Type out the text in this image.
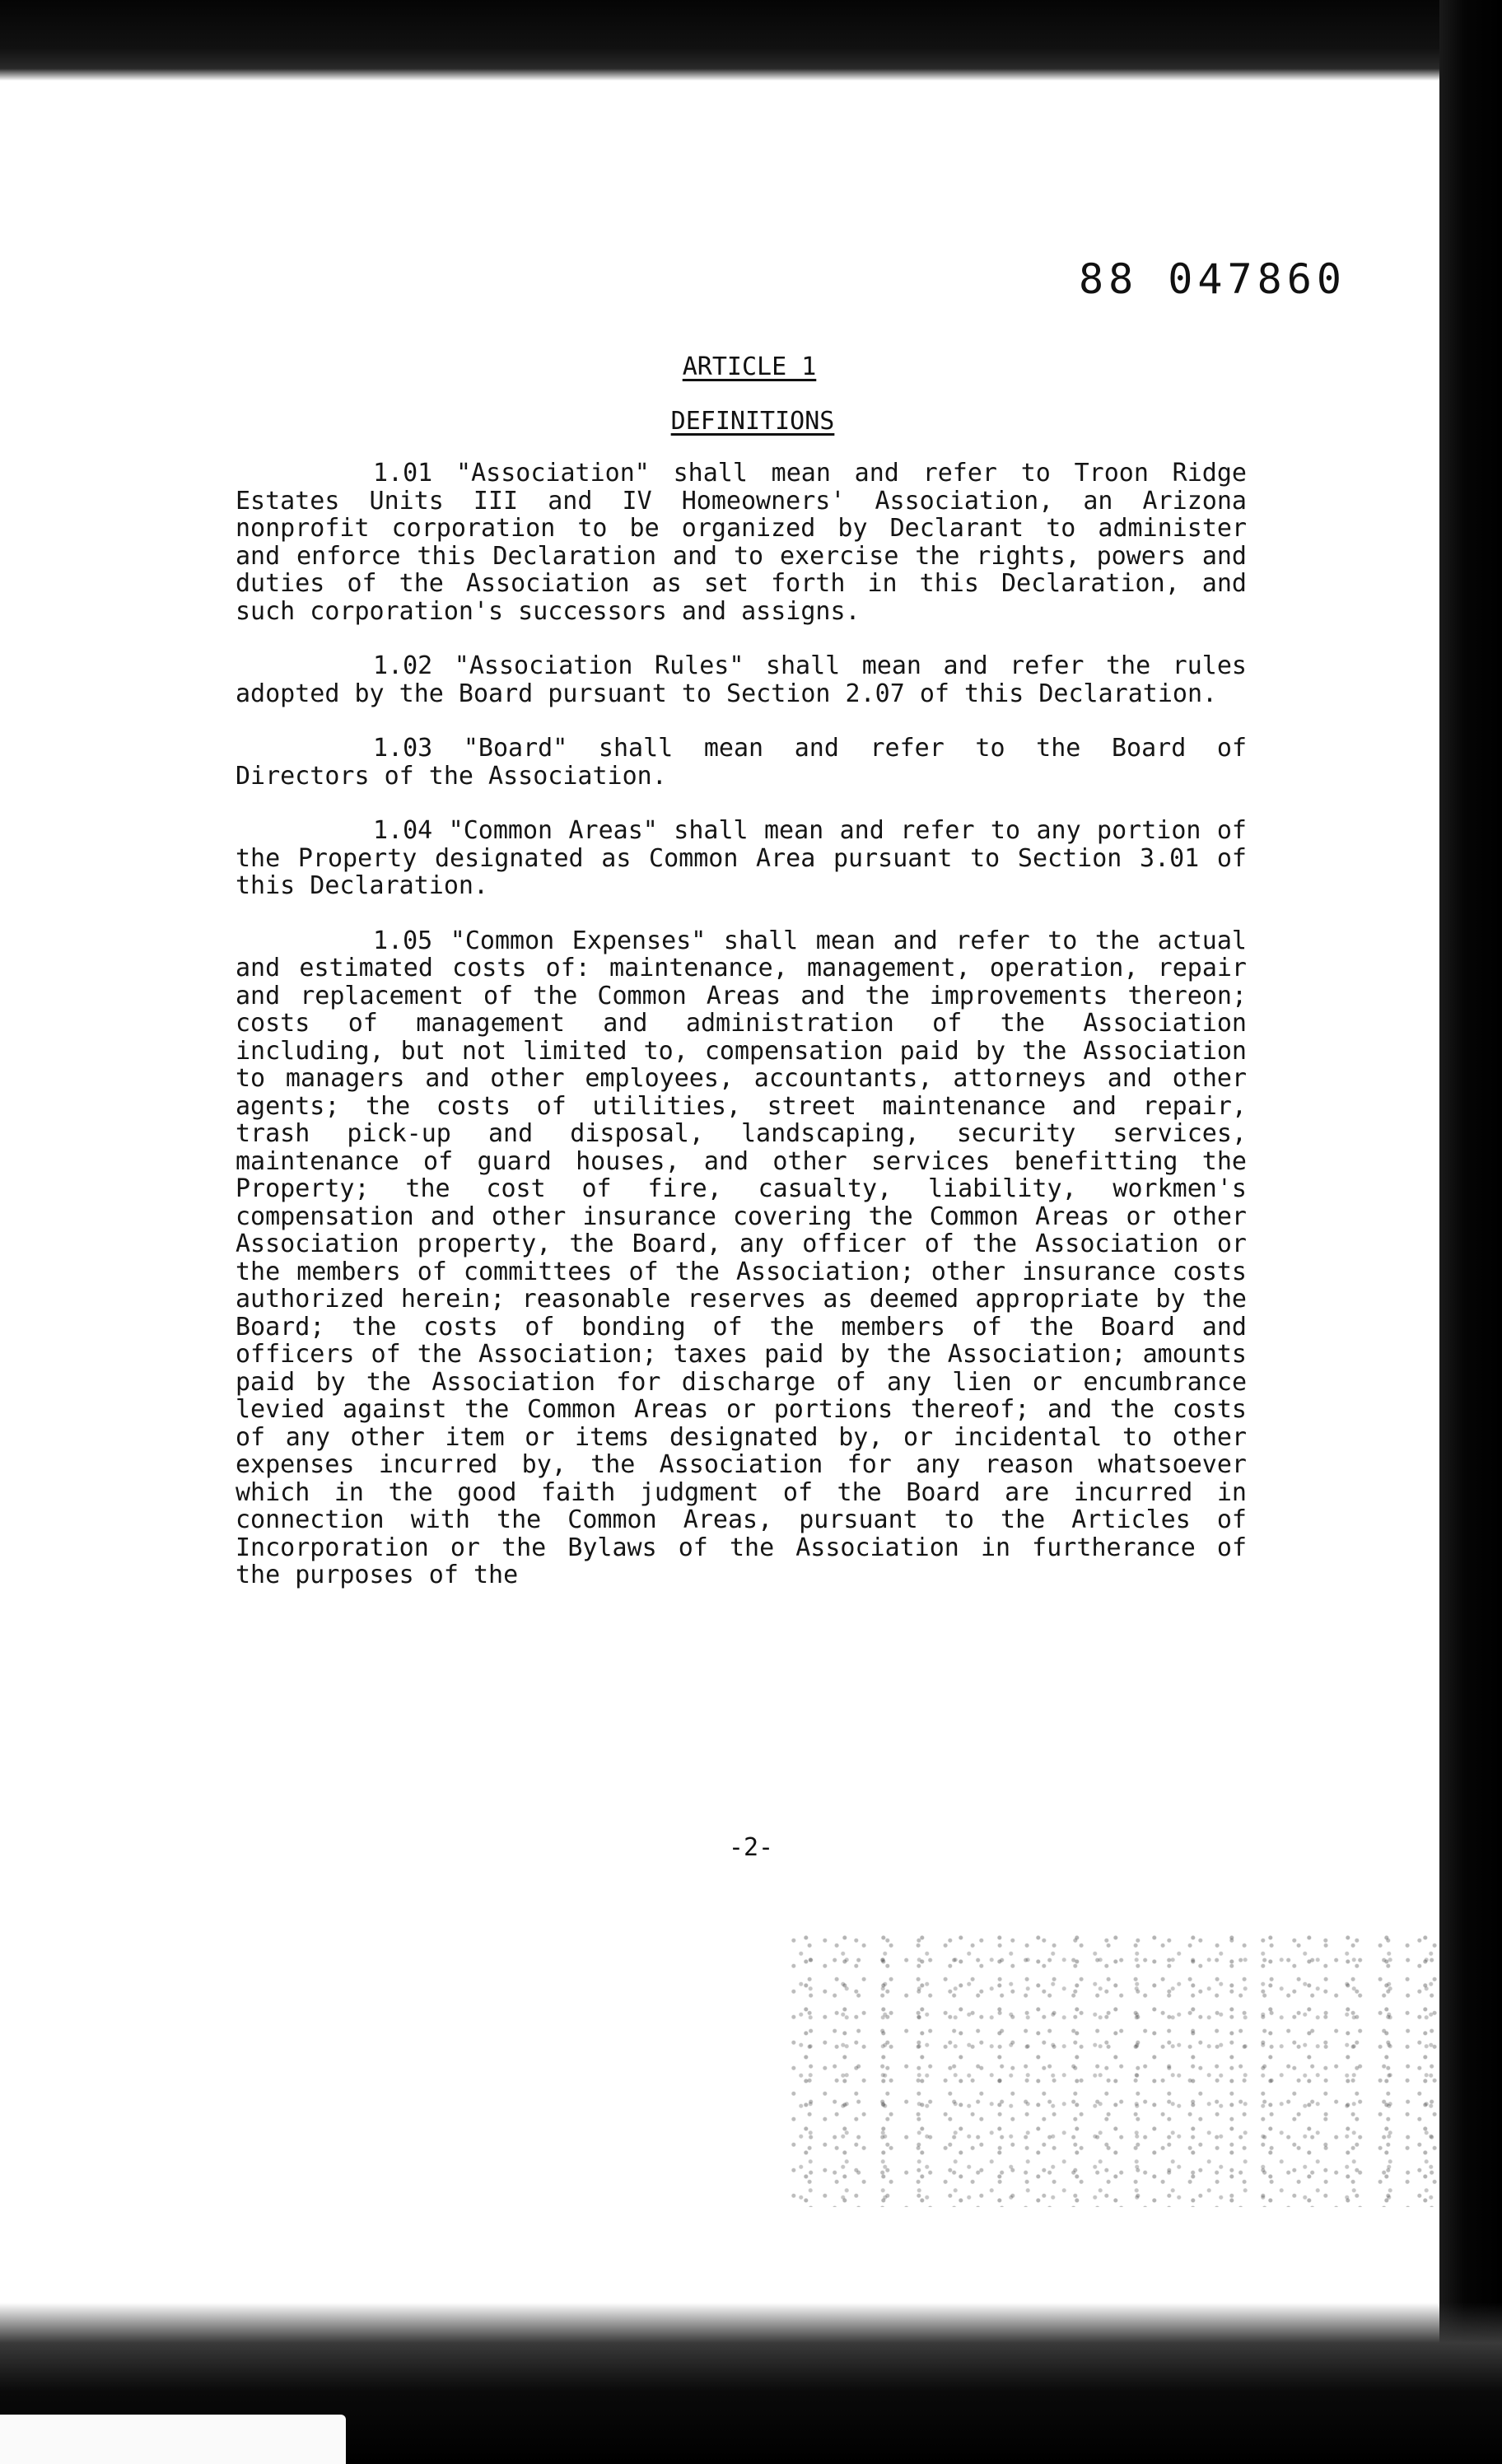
88 047860
ARTICLE 1
DEFINITIONS

1.01 "Association" shall mean and refer to Troon Ridge Estates Units III and IV Homeowners' Association, an Arizona nonprofit corporation to be organized by Declarant to administer and enforce this Declaration and to exercise the rights, powers and duties of the Association as set forth in this Declaration, and such corporation's successors and assigns.

1.02 "Association Rules" shall mean and refer the rules adopted by the Board pursuant to Section 2.07 of this Declaration.

1.03 "Board" shall mean and refer to the Board of Directors of the Association.

1.04 "Common Areas" shall mean and refer to any portion of the Property designated as Common Area pursuant to Section 3.01 of this Declaration.

1.05 "Common Expenses" shall mean and refer to the actual and estimated costs of: maintenance, management, operation, repair and replacement of the Common Areas and the improvements thereon; costs of management and administration of the Association including, but not limited to, compensation paid by the Association to managers and other employees, accountants, attorneys and other agents; the costs of utilities, street maintenance and repair, trash pick-up and disposal, landscaping, security services, maintenance of guard houses, and other services benefitting the Property; the cost of fire, casualty, liability, workmen's compensation and other insurance covering the Common Areas or other Association property, the Board, any officer of the Association or the members of committees of the Association; other insurance costs authorized herein; reasonable reserves as deemed appropriate by the Board; the costs of bonding of the members of the Board and officers of the Association; taxes paid by the Association; amounts paid by the Association for discharge of any lien or encumbrance levied against the Common Areas or portions thereof; and the costs of any other item or items designated by, or incidental to other expenses incurred by, the Association for any reason whatsoever which in the good faith judgment of the Board are incurred in connection with the Common Areas, pursuant to the Articles of Incorporation or the Bylaws of the Association in furtherance of the purposes of the

-2-
